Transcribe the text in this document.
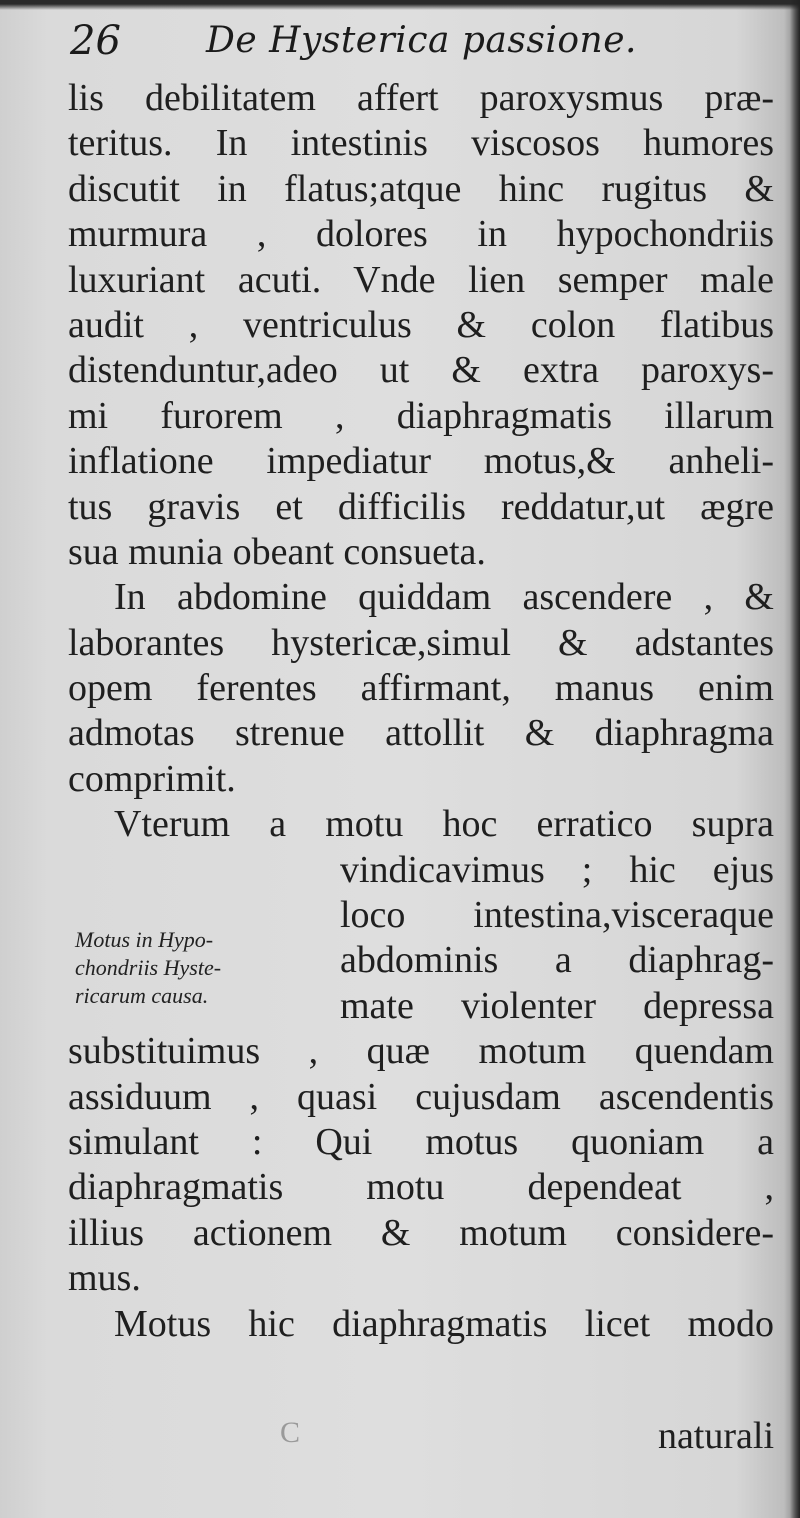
26 De Hysterica passione.
lis debilitatem affert paroxysmus præ-
teritus. In intestinis viscosos humores
discutit in flatus;atque hinc rugitus &
murmura , dolores in hypochondriis
luxuriant acuti. Vnde lien semper male
audit , ventriculus & colon flatibus
distenduntur,adeo ut & extra paroxys-
mi furorem , diaphragmatis illarum
inflatione impediatur motus,& anheli-
tus gravis et difficilis reddatur,ut ægre
sua munia obeant consueta.
In abdomine quiddam ascendere , &
laborantes hystericæ,simul & adstantes
opem ferentes affirmant, manus enim
admotas strenue attollit & diaphragma
comprimit.
Vterum a motu hoc erratico supra
vindicavimus ; hic ejus
loco intestina,visceraque
abdominis a diaphrag-
mate violenter depressa
substituimus , quæ motum quendam
assiduum , quasi cujusdam ascendentis
simulant : Qui motus quoniam a
diaphragmatis motu dependeat ,
illius actionem & motum considere-
mus.
Motus hic diaphragmatis licet modo
Motus in Hypo-
chondriis Hyste-
ricarum causa.
C	naturali
